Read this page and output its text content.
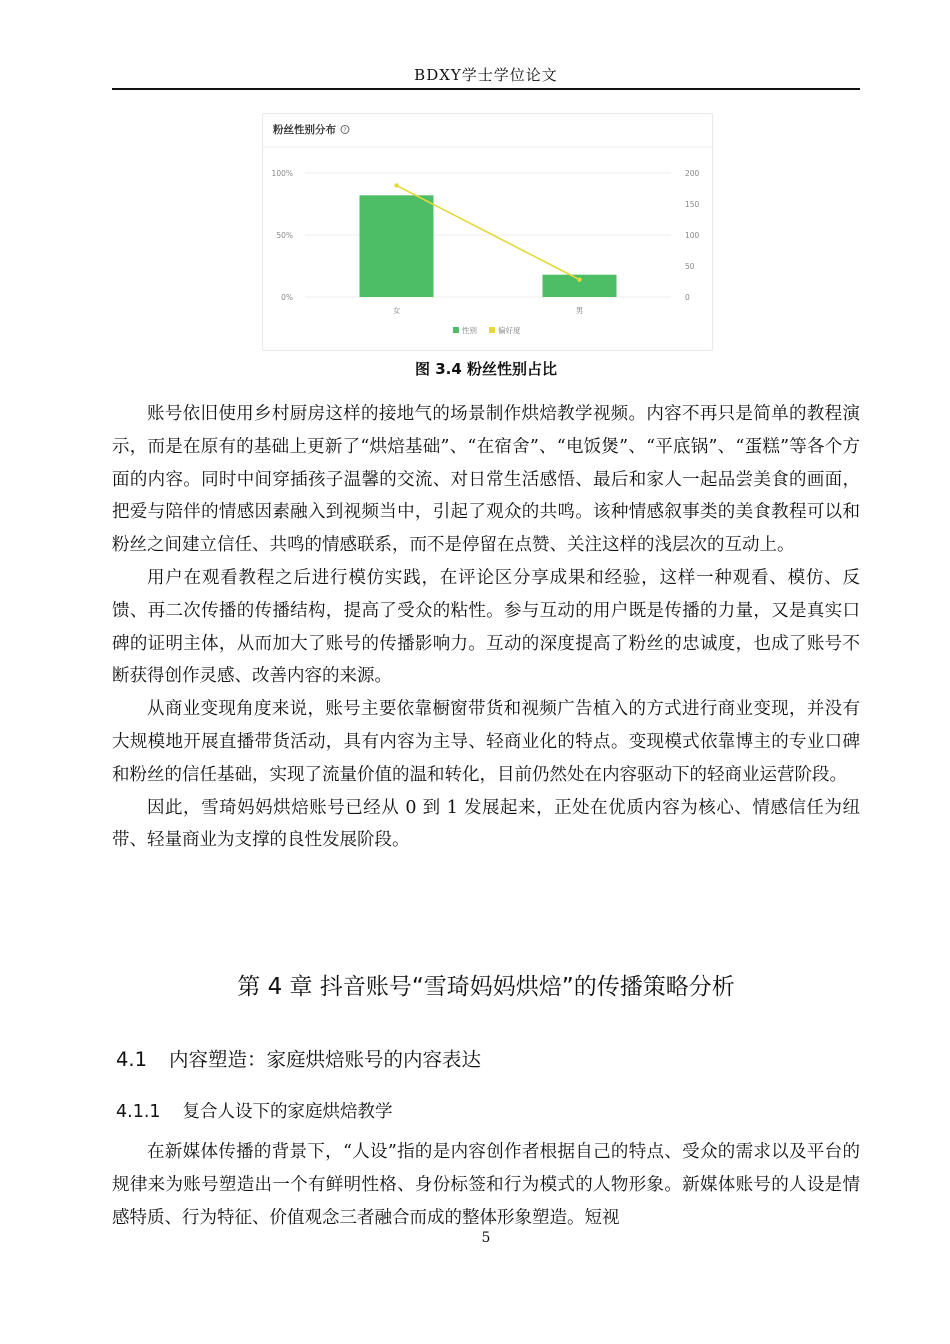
BDXY学士学位论文
粉丝性别分布 ?
0%
50%
100%
0
50
100
150
200
女	男
性别	偏好度
图 3.4 粉丝性别占比

账号依旧使用乡村厨房这样的接地气的场景制作烘焙教学视频。内容不再只是简单的教程演示，而是在原有的基础上更新了“烘焙基础”、“在宿舍”、“电饭煲”、“平底锅”、“蛋糕”等各个方面的内容。同时中间穿插孩子温馨的交流、对日常生活感悟、最后和家人一起品尝美食的画面，把爱与陪伴的情感因素融入到视频当中，引起了观众的共鸣。该种情感叙事类的美食教程可以和粉丝之间建立信任、共鸣的情感联系，而不是停留在点赞、关注这样的浅层次的互动上。

用户在观看教程之后进行模仿实践，在评论区分享成果和经验，这样一种观看、模仿、反馈、再二次传播的传播结构，提高了受众的粘性。参与互动的用户既是传播的力量，又是真实口碑的证明主体，从而加大了账号的传播影响力。互动的深度提高了粉丝的忠诚度，也成了账号不断获得创作灵感、改善内容的来源。

从商业变现角度来说，账号主要依靠橱窗带货和视频广告植入的方式进行商业变现，并没有大规模地开展直播带货活动，具有内容为主导、轻商业化的特点。变现模式依靠博主的专业口碑和粉丝的信任基础，实现了流量价值的温和转化，目前仍然处在内容驱动下的轻商业运营阶段。

因此，雪琦妈妈烘焙账号已经从 0 到 1 发展起来，正处在优质内容为核心、情感信任为纽带、轻量商业为支撑的良性发展阶段。

第 4 章 抖音账号“雪琦妈妈烘焙”的传播策略分析
4.1 内容塑造：家庭烘焙账号的内容表达
4.1.1 复合人设下的家庭烘焙教学

在新媒体传播的背景下，“人设”指的是内容创作者根据自己的特点、受众的需求以及平台的规律来为账号塑造出一个有鲜明性格、身份标签和行为模式的人物形象。新媒体账号的人设是情感特质、行为特征、价值观念三者融合而成的整体形象塑造。短视

5
